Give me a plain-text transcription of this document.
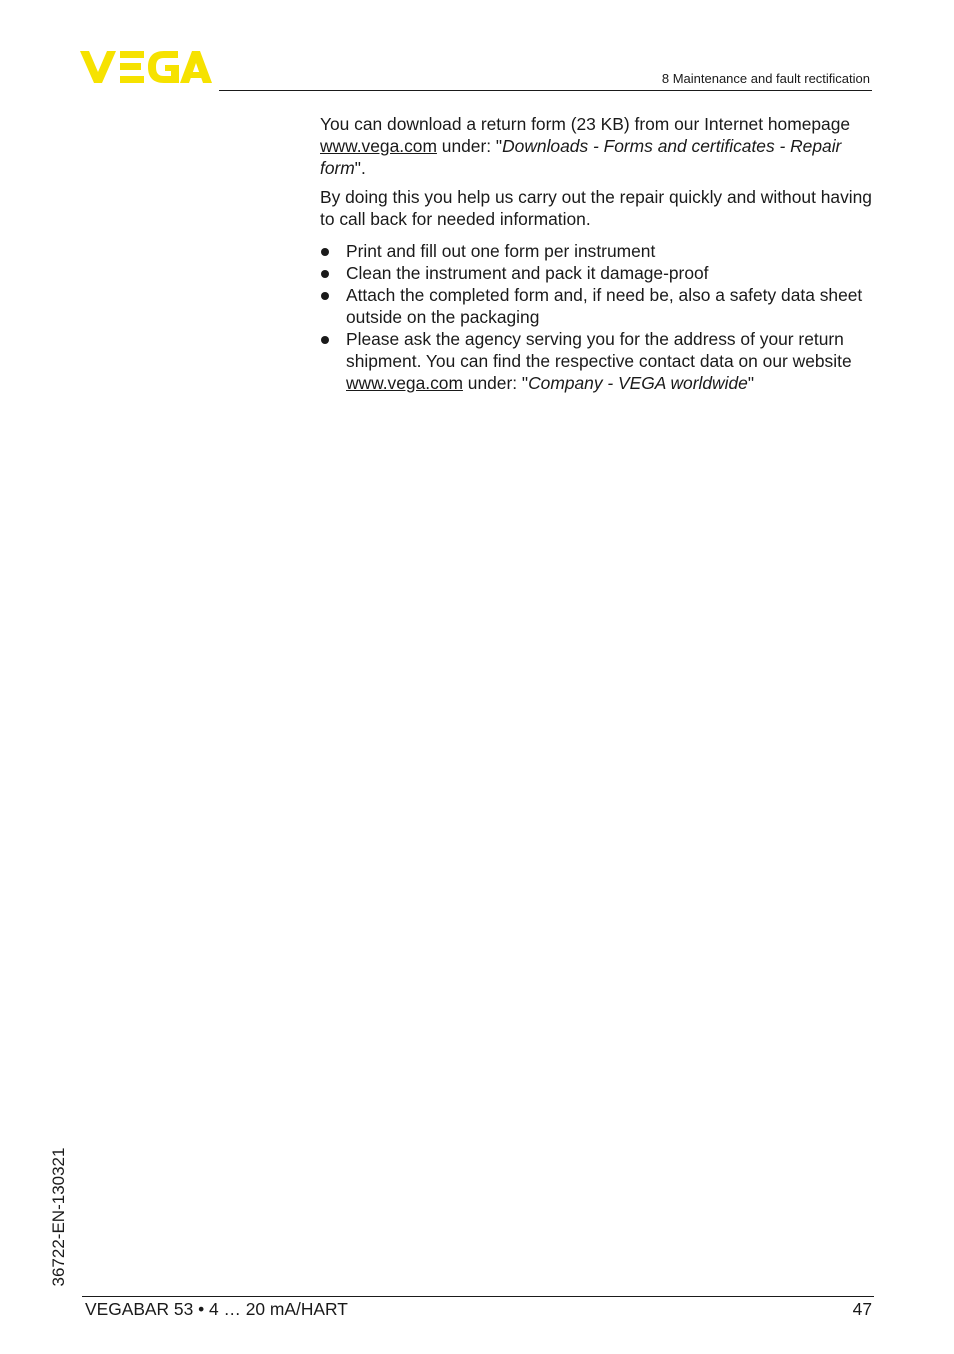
8 Maintenance and fault rectification

You can download a return form (23 KB) from our Internet homepage www.vega.com under: "Downloads - Forms and certificates - Repair form".

By doing this you help us carry out the repair quickly and without having to call back for needed information.

Print and fill out one form per instrument
Clean the instrument and pack it damage-proof
Attach the completed form and, if need be, also a safety data sheet outside on the packaging
Please ask the agency serving you for the address of your return shipment. You can find the respective contact data on our website www.vega.com under: "Company - VEGA worldwide"
36722-EN-130321
VEGABAR 53 • 4 … 20 mA/HART	47
